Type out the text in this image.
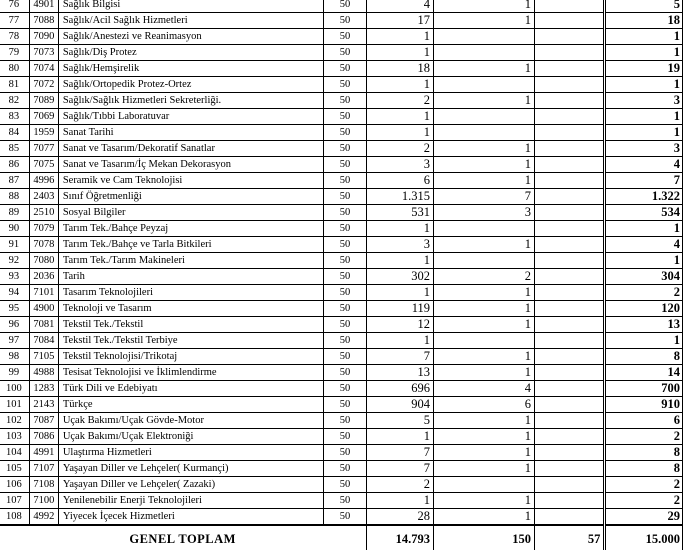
76	4901	Sağlık Bilgisi	50	4	1		5
77	7088	Sağlık/Acil Sağlık Hizmetleri	50	17	1		18
78	7090	Sağlık/Anestezi ve Reanimasyon	50	1			1
79	7073	Sağlık/Diş Protez	50	1			1
80	7074	Sağlık/Hemşirelik	50	18	1		19
81	7072	Sağlık/Ortopedik Protez-Ortez	50	1			1
82	7089	Sağlık/Sağlık Hizmetleri Sekreterliği.	50	2	1		3
83	7069	Sağlık/Tıbbi Laboratuvar	50	1			1
84	1959	Sanat Tarihi	50	1			1
85	7077	Sanat ve Tasarım/Dekoratif Sanatlar	50	2	1		3
86	7075	Sanat ve Tasarım/İç Mekan Dekorasyon	50	3	1		4
87	4996	Seramik ve Cam Teknolojisi	50	6	1		7
88	2403	Sınıf Öğretmenliği	50	1.315	7		1.322
89	2510	Sosyal Bilgiler	50	531	3		534
90	7079	Tarım Tek./Bahçe Peyzaj	50	1			1
91	7078	Tarım Tek./Bahçe ve Tarla Bitkileri	50	3	1		4
92	7080	Tarım Tek./Tarım Makineleri	50	1			1
93	2036	Tarih	50	302	2		304
94	7101	Tasarım Teknolojileri	50	1	1		2
95	4900	Teknoloji ve Tasarım	50	119	1		120
96	7081	Tekstil Tek./Tekstil	50	12	1		13
97	7084	Tekstil Tek./Tekstil Terbiye	50	1			1
98	7105	Tekstil Teknolojisi/Trikotaj	50	7	1		8
99	4988	Tesisat Teknolojisi ve İklimlendirme	50	13	1		14
100	1283	Türk Dili ve Edebiyatı	50	696	4		700
101	2143	Türkçe	50	904	6		910
102	7087	Uçak Bakımı/Uçak Gövde-Motor	50	5	1		6
103	7086	Uçak Bakımı/Uçak Elektroniği	50	1	1		2
104	4991	Ulaştırma Hizmetleri	50	7	1		8
105	7107	Yaşayan Diller ve Lehçeler( Kurmançi)	50	7	1		8
106	7108	Yaşayan Diller ve Lehçeler( Zazaki)	50	2			2
107	7100	Yenilenebilir Enerji Teknolojileri	50	1	1		2
108	4992	Yiyecek İçecek Hizmetleri	50	28	1		29
GENEL TOPLAM				14.793	150	57	15.000
